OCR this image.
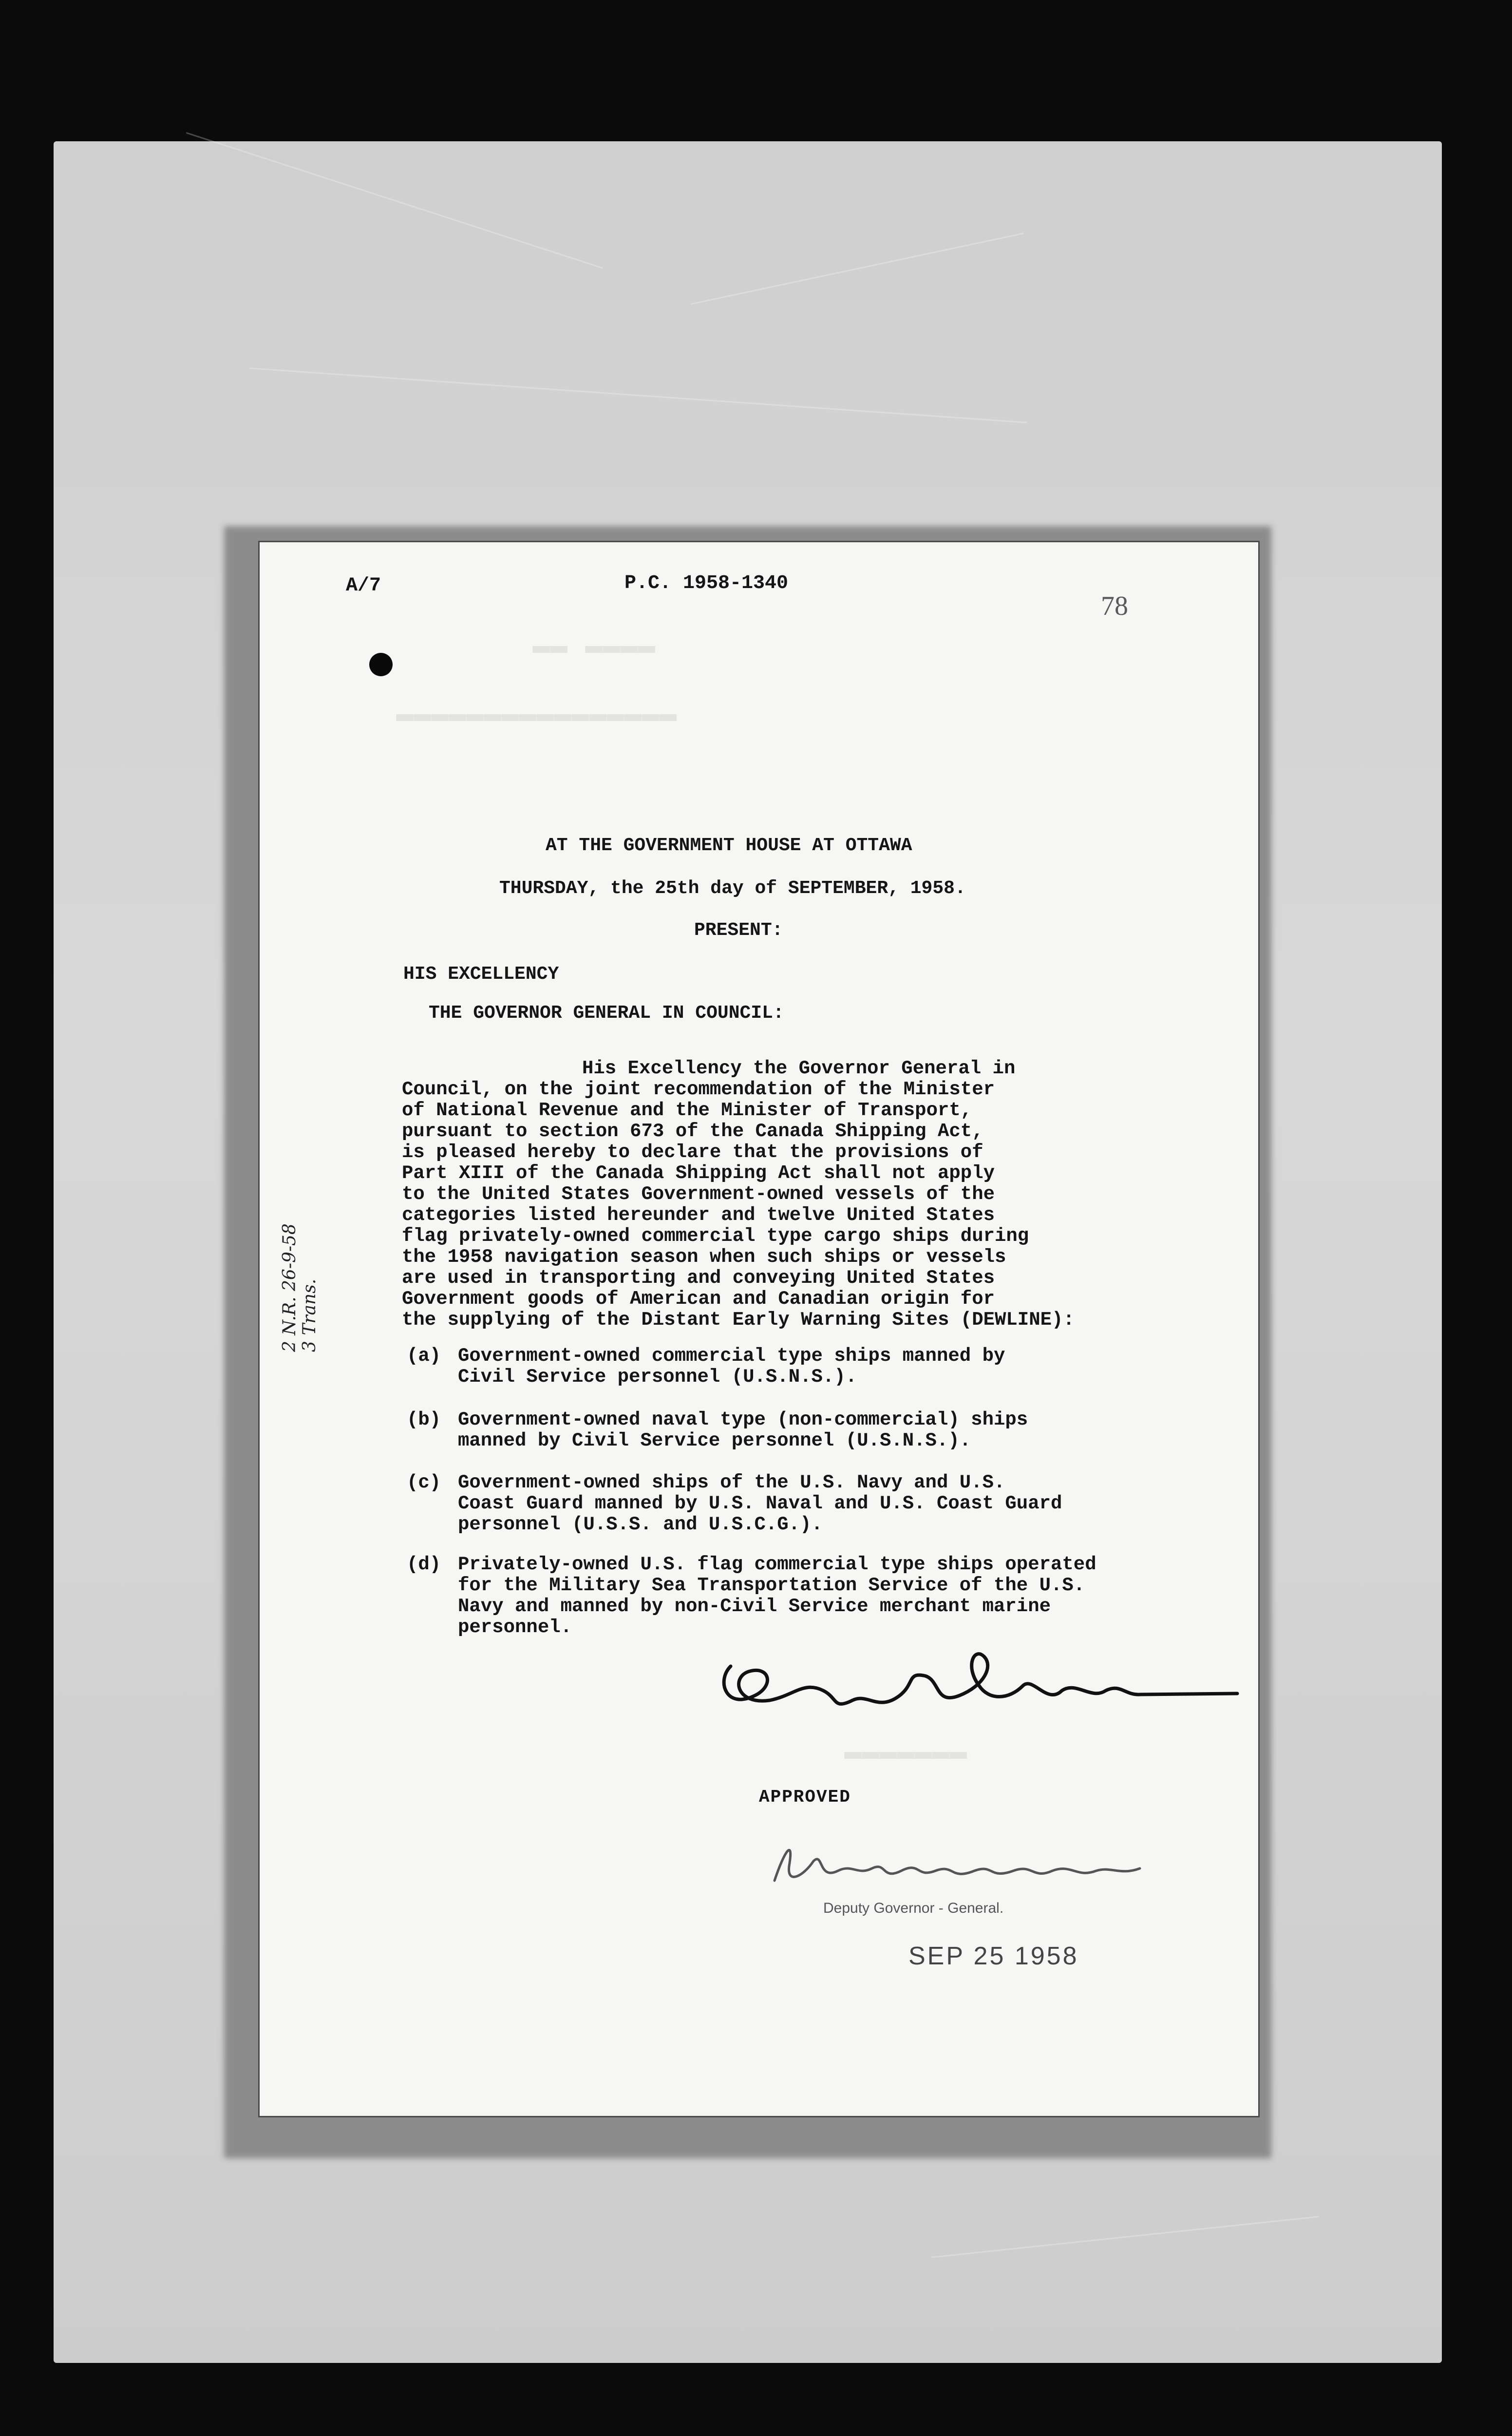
▬▬ ▬▬▬▬
▬▬▬▬▬▬▬▬▬▬▬▬▬▬▬▬
▬▬▬▬▬▬▬
A/7	P.C. 1958-1340
78
AT THE GOVERNMENT HOUSE AT OTTAWA
THURSDAY, the 25th day of SEPTEMBER, 1958.
PRESENT:
HIS EXCELLENCY
THE GOVERNOR GENERAL IN COUNCIL:
His Excellency the Governor General in
Council, on the joint recommendation of the Minister
of National Revenue and the Minister of Transport,
pursuant to section 673 of the Canada Shipping Act,
is pleased hereby to declare that the provisions of
Part XIII of the Canada Shipping Act shall not apply
to the United States Government-owned vessels of the
categories listed hereunder and twelve United States
flag privately-owned commercial type cargo ships during
the 1958 navigation season when such ships or vessels
are used in transporting and conveying United States
Government goods of American and Canadian origin for
the supplying of the Distant Early Warning Sites (DEWLINE):
(a) Government-owned commercial type ships manned by
Civil Service personnel (U.S.N.S.).
(b) Government-owned naval type (non-commercial) ships
manned by Civil Service personnel (U.S.N.S.).
(c) Government-owned ships of the U.S. Navy and U.S.
Coast Guard manned by U.S. Naval and U.S. Coast Guard
personnel (U.S.S. and U.S.C.G.).
(d) Privately-owned U.S. flag commercial type ships operated
for the Military Sea Transportation Service of the U.S.
Navy and manned by non-Civil Service merchant marine
personnel.
3 Trans.
APPROVED
Deputy Governor - General.
SEP 25 1958
